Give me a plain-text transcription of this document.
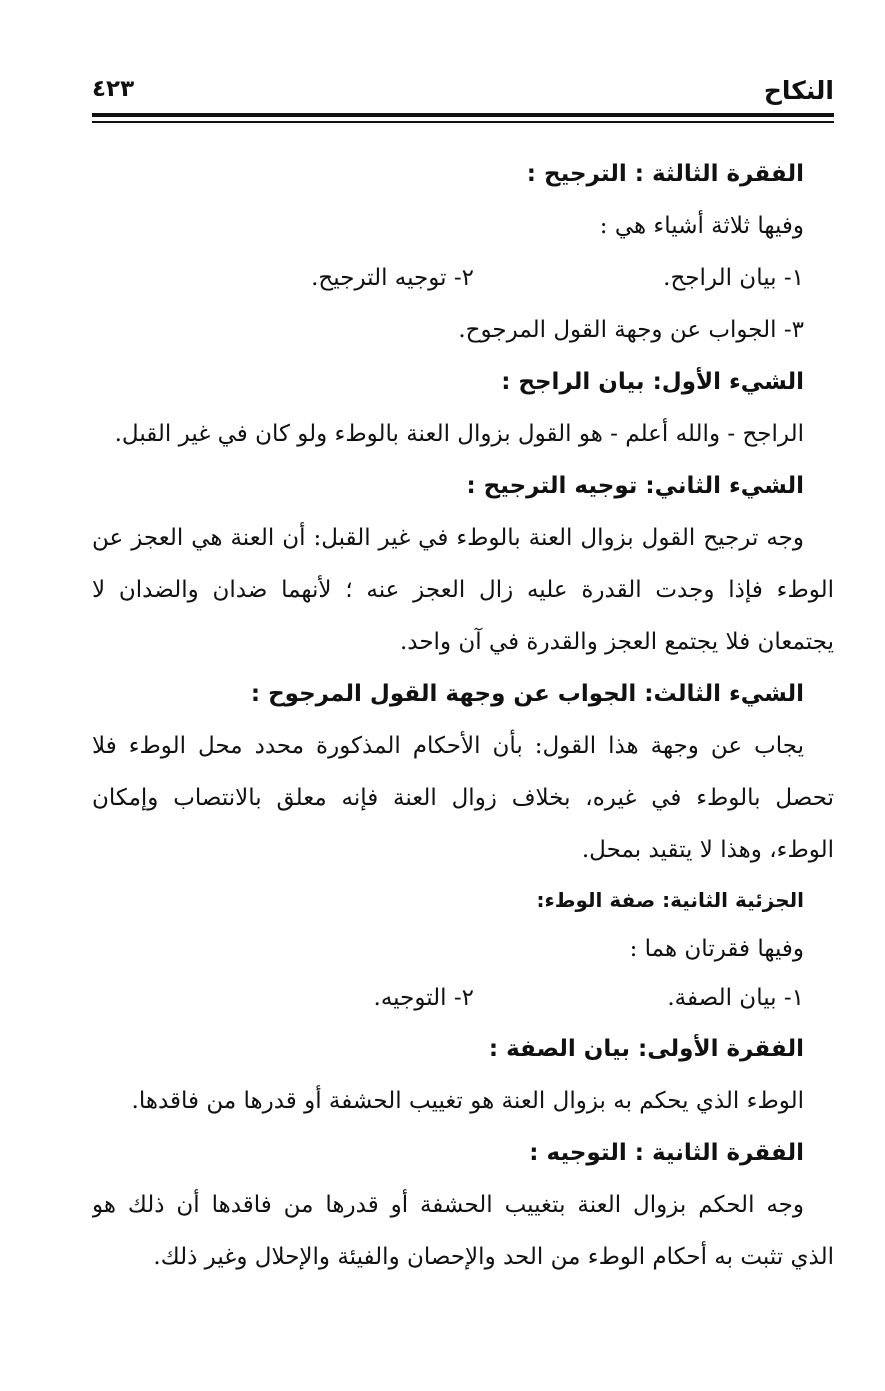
النكاح
٤٢٣
الفقرة الثالثة : الترجيح :
وفيها ثلاثة أشياء هي :
١- بيان الراجح.
٢- توجيه الترجيح.
٣- الجواب عن وجهة القول المرجوح.
الشيء الأول: بيان الراجح :
الراجح - والله أعلم - هو القول بزوال العنة بالوطء ولو كان في غير القبل.
الشيء الثاني: توجيه الترجيح :
وجه ترجيح القول بزوال العنة بالوطء في غير القبل: أن العنة هي العجز عن
الوطء فإذا وجدت القدرة عليه زال العجز عنه ؛ لأنهما ضدان والضدان لا
يجتمعان فلا يجتمع العجز والقدرة في آن واحد.
الشيء الثالث: الجواب عن وجهة القول المرجوح :
يجاب عن وجهة هذا القول: بأن الأحكام المذكورة محدد محل الوطء فلا
تحصل بالوطء في غيره، بخلاف زوال العنة فإنه معلق بالانتصاب وإمكان
الوطء، وهذا لا يتقيد بمحل.
الجزئية الثانية: صفة الوطء:
وفيها فقرتان هما :
١- بيان الصفة.
٢- التوجيه.
الفقرة الأولى: بيان الصفة :
الوطء الذي يحكم به بزوال العنة هو تغييب الحشفة أو قدرها من فاقدها.
الفقرة الثانية : التوجيه :
وجه الحكم بزوال العنة بتغييب الحشفة أو قدرها من فاقدها أن ذلك هو
الذي تثبت به أحكام الوطء من الحد والإحصان والفيئة والإحلال وغير ذلك.
